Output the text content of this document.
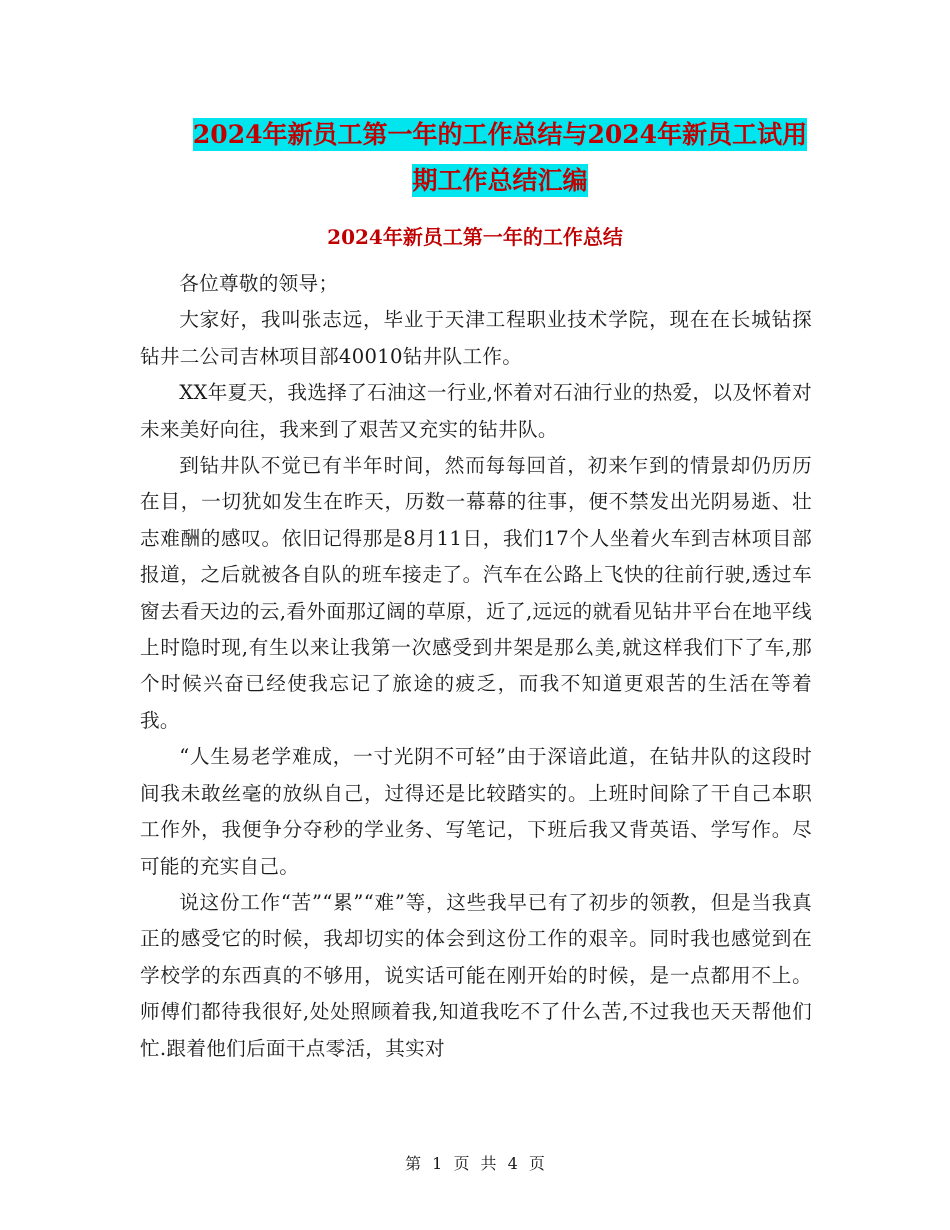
2024年新员工第一年的工作总结与2024年新员工试用
期工作总结汇编
2024年新员工第一年的工作总结

各位尊敬的领导；

大家好，我叫张志远，毕业于天津工程职业技术学院，现在在长城钻探钻井二公司吉林项目部40010钻井队工作。

XX年夏天，我选择了石油这一行业,怀着对石油行业的热爱，以及怀着对未来美好向往，我来到了艰苦又充实的钻井队。

到钻井队不觉已有半年时间，然而每每回首，初来乍到的情景却仍历历在目，一切犹如发生在昨天，历数一幕幕的往事，便不禁发出光阴易逝、壮志难酬的感叹。依旧记得那是8月11日，我们17个人坐着火车到吉林项目部报道，之后就被各自队的班车接走了。汽车在公路上飞快的往前行驶,透过车窗去看天边的云,看外面那辽阔的草原，近了,远远的就看见钻井平台在地平线上时隐时现,有生以来让我第一次感受到井架是那么美,就这样我们下了车,那个时候兴奋已经使我忘记了旅途的疲乏，而我不知道更艰苦的生活在等着我。

“人生易老学难成，一寸光阴不可轻”由于深谙此道，在钻井队的这段时间我未敢丝毫的放纵自己，过得还是比较踏实的。上班时间除了干自己本职工作外，我便争分夺秒的学业务、写笔记，下班后我又背英语、学写作。尽可能的充实自己。

说这份工作“苦”“累”“难”等，这些我早已有了初步的领教，但是当我真正的感受它的时候，我却切实的体会到这份工作的艰辛。同时我也感觉到在学校学的东西真的不够用，说实话可能在刚开始的时候，是一点都用不上。师傅们都待我很好,处处照顾着我,知道我吃不了什么苦,不过我也天天帮他们忙.跟着他们后面干点零活，其实对

第 1 页 共 4 页
